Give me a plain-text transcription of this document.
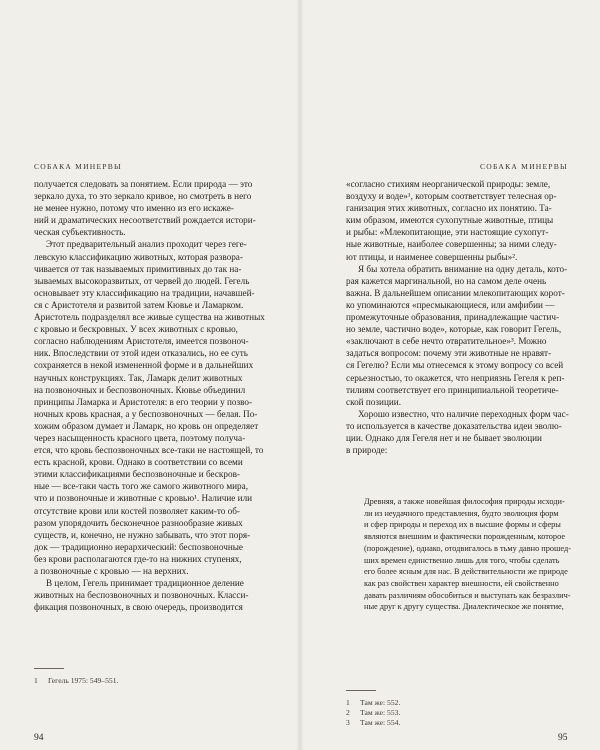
СОБАКА МИНЕРВЫ

получается следовать за понятием. Если природа — это
зеркало духа, то это зеркало кривое, но смотреть в него
не менее нужно, потому что именно из его искаже-
ний и драматических несоответствий рождается истори-
ческая субъективность.

Этот предварительный анализ проходит через геге-
левскую классификацию животных, которая разворa-
чивается от так называемых примитивных до так на-
зываемых высокоразвитых, от червей до людей. Гегель
основывает эту классификацию на традиции, начавшей-
ся с Аристотеля и развитой затем Кювье и Ламарком.
Аристотель подразделял все живые существа на животных
с кровью и бескровных. У всех животных с кровью,
согласно наблюдениям Аристотеля, имеется позвоноч-
ник. Впоследствии от этой идеи отказались, но ее суть
сохраняется в некой измененной форме и в дальнейших
научных конструкциях. Так, Ламарк делит животных
на позвоночных и беспозвоночных. Кювье объединил
принципы Ламарка и Аристотеля: в его теории у позво-
ночных кровь красная, а у беспозвоночных — белая. По-
хожим образом думает и Ламарк, но кровь он определяет
через насыщенность красного цвета, поэтому получа-
ется, что кровь беспозвоночных все-таки не настоящей, то
есть красной, крови. Однако в соответствии со всеми
этими классификациями беспозвоночные и бескров-
ные — все-таки часть того же самого животного мира,
что и позвоночные и животные с кровью¹. Наличие или
отсутствие крови или костей позволяет каким-то об-
разом упорядочить бесконечное разнообразие живых
существ, и, конечно, не нужно забывать, что этот поря-
док — традиционно иерархический: беспозвоночные
без крови располагаются где-то на нижних ступенях,
а позвоночные с кровью — на верхних.

В целом, Гегель принимает традиционное деление
животных на беспозвоночных и позвоночных. Класси-
фикация позвоночных, в свою очередь, производится

1 Гегель 1975: 549–551.
94
СОБАКА МИНЕРВЫ

«согласно стихиям неорганической природы: земле,
воздуху и воде»¹, которым соответствует телесная ор-
ганизация этих животных, согласно их понятию. Та-
ким образом, имеются сухопутные животные, птицы
и рыбы: «Млекопитающие, эти настоящие сухопут-
ные животные, наиболее совершенны; за ними следу-
ют птицы, и наименее совершенны рыбы»².

Я бы хотела обратить внимание на одну деталь, кото-
рая кажется маргинальной, но на самом деле очень
важна. В дальнейшем описании млекопитающих корот-
ко упоминаются «пресмыкающиеся, или амфибии —
промежуточные образования, принадлежащие частич-
но земле, частично воде», которые, как говорит Гегель,
«заключают в себе нечто отвратительное»³. Можно
задаться вопросом: почему эти животные не нравят-
ся Гегелю? Если мы отнесемся к этому вопросу со всей
серьезностью, то окажется, что неприязнь Гегеля к реп-
тилиям соответствует его принципиальной теоретиче-
ской позиции.

Хорошо известно, что наличие переходных форм час-
то используется в качестве доказательства идеи эволю-
ции. Однако для Гегеля нет и не бывает эволюции
в природе:

Древняя, а также новейшая философия природы исходи-
ли из неудачного представления, будто эволюция форм
и сфер природы и переход их в высшие формы и сферы
являются внешним и фактически порожденным, которое
(порождение), однако, отодвигалось в тьму давно прошед-
ших времен единственно лишь для того, чтобы сделать
его более ясным для нас. В действительности же природе
как раз свойствен характер внешности, ей свойственно
давать различиям обособиться и выступать как безразлич-
ные друг к другу существа. Диалектическое же понятие,
1 Там же: 552.
2 Там же: 553.
3 Там же: 554.
95
